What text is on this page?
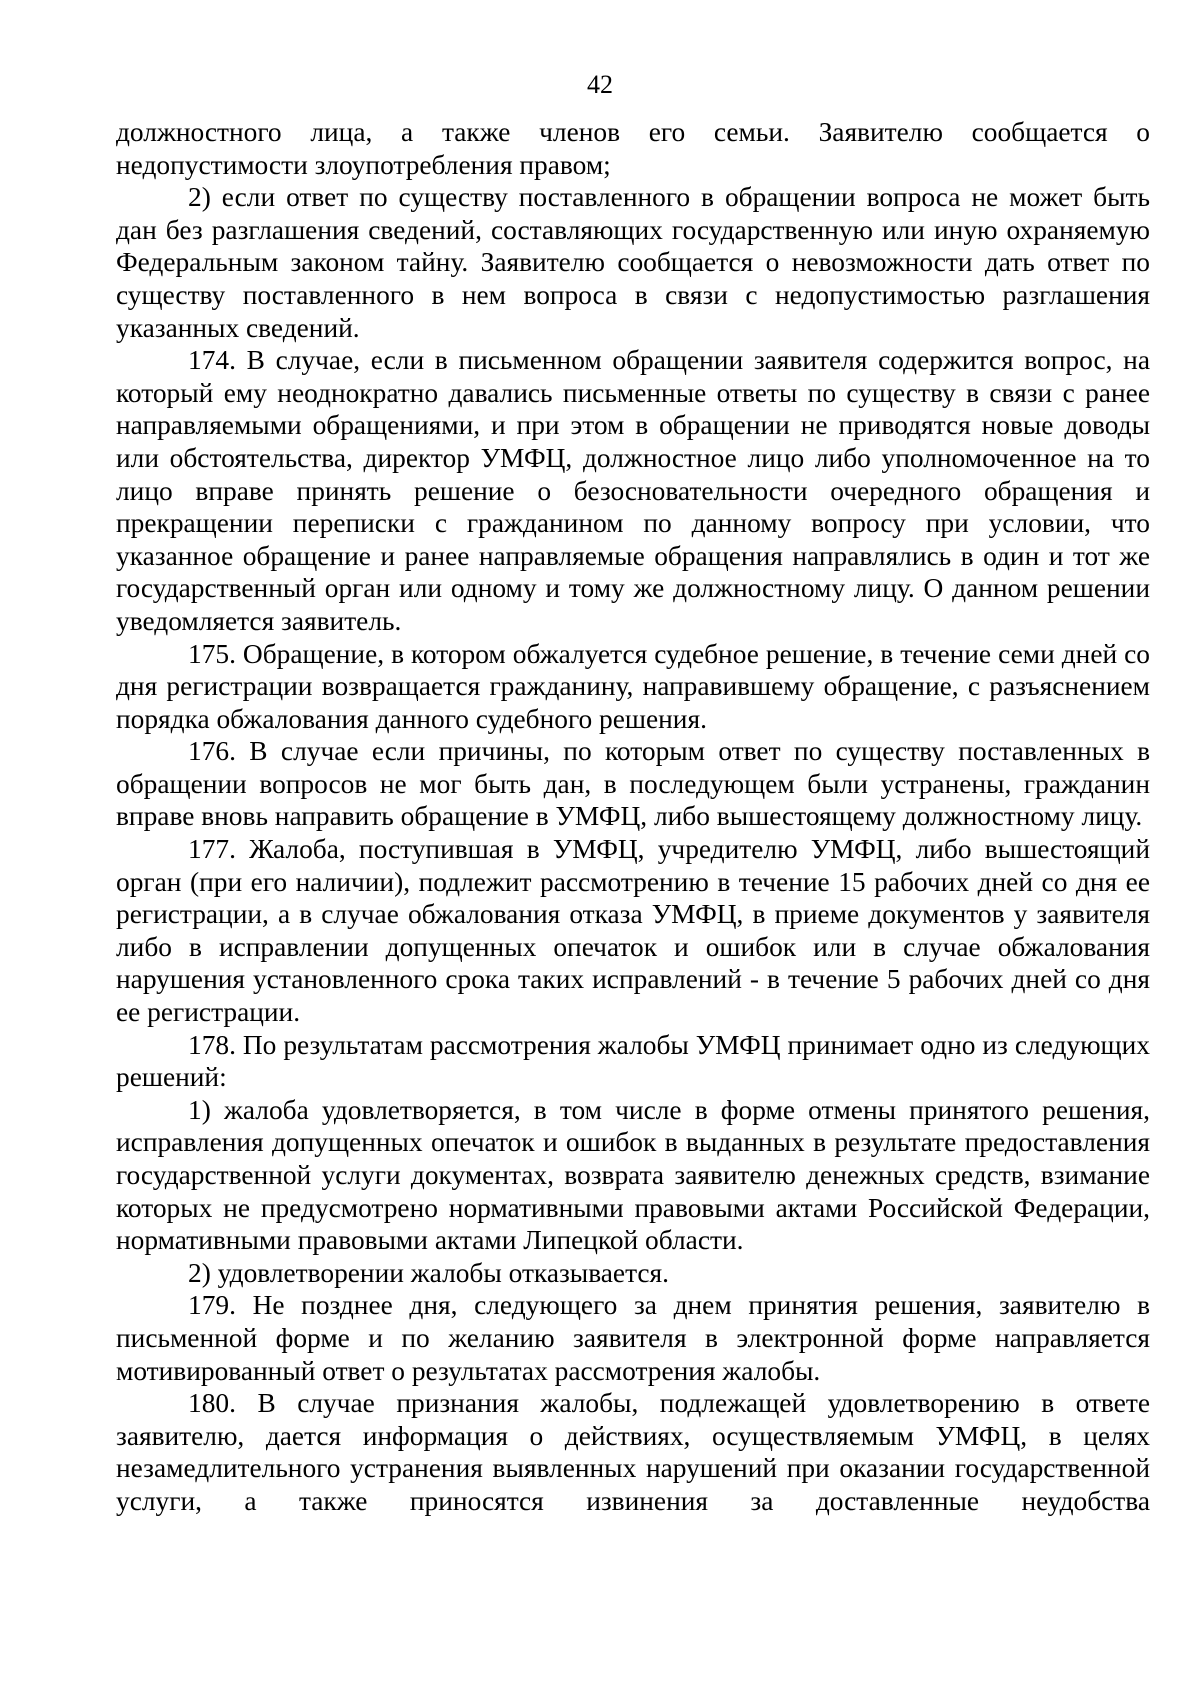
42

должностного лица, а также членов его семьи. Заявителю сообщается о недопустимости злоупотребления правом;

2) если ответ по существу поставленного в обращении вопроса не может быть дан без разглашения сведений, составляющих государственную или иную охраняемую Федеральным законом тайну. Заявителю сообщается о невозможности дать ответ по существу поставленного в нем вопроса в связи с недопустимостью разглашения указанных сведений.

174. В случае, если в письменном обращении заявителя содержится вопрос, на который ему неоднократно давались письменные ответы по существу в связи с ранее направляемыми обращениями, и при этом в обращении не приводятся новые доводы или обстоятельства, директор УМФЦ, должностное лицо либо уполномоченное на то лицо вправе принять решение о безосновательности очередного обращения и прекращении переписки с гражданином по данному вопросу при условии, что указанное обращение и ранее направляемые обращения направлялись в один и тот же государственный орган или одному и тому же должностному лицу. О данном решении уведомляется заявитель.

175. Обращение, в котором обжалуется судебное решение, в течение семи дней со дня регистрации возвращается гражданину, направившему обращение, с разъяснением порядка обжалования данного судебного решения.

176. В случае если причины, по которым ответ по существу поставленных в обращении вопросов не мог быть дан, в последующем были устранены, гражданин вправе вновь направить обращение в УМФЦ, либо вышестоящему должностному лицу.

177. Жалоба, поступившая в УМФЦ, учредителю УМФЦ, либо вышестоящий орган (при его наличии), подлежит рассмотрению в течение 15 рабочих дней со дня ее регистрации, а в случае обжалования отказа УМФЦ, в приеме документов у заявителя либо в исправлении допущенных опечаток и ошибок или в случае обжалования нарушения установленного срока таких исправлений - в течение 5 рабочих дней со дня ее регистрации.

178. По результатам рассмотрения жалобы УМФЦ принимает одно из следующих решений:

1) жалоба удовлетворяется, в том числе в форме отмены принятого решения, исправления допущенных опечаток и ошибок в выданных в результате предоставления государственной услуги документах, возврата заявителю денежных средств, взимание которых не предусмотрено нормативными правовыми актами Российской Федерации, нормативными правовыми актами Липецкой области.

2) удовлетворении жалобы отказывается.

179. Не позднее дня, следующего за днем принятия решения, заявителю в письменной форме и по желанию заявителя в электронной форме направляется мотивированный ответ о результатах рассмотрения жалобы.

180. В случае признания жалобы, подлежащей удовлетворению в ответе заявителю, дается информация о действиях, осуществляемым УМФЦ, в целях незамедлительного устранения выявленных нарушений при оказании государственной услуги, а также приносятся извинения за доставленные неудобства
